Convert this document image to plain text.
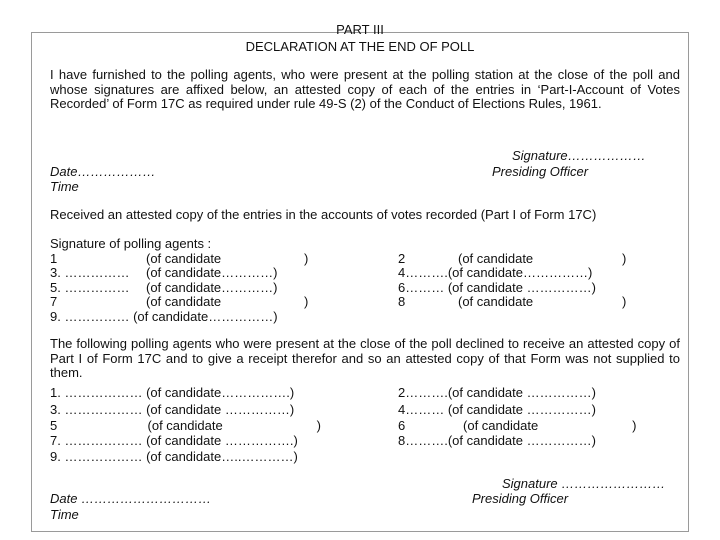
PART III
DECLARATION AT THE END OF POLL
I have furnished to the polling agents, who were present at the polling station at the close of the poll and whose signatures are affixed below, an attested copy of each of the entries in ‘Part-I-Account of Votes Recorded’ of Form 17C as required under rule 49-S (2) of the Conduct of Elections Rules, 1961.
Signature………………
Date………………	Presiding Officer
Time
Received an attested copy of the entries in the accounts of votes recorded (Part I of Form 17C)
Signature of polling agents :
1	(of candidate	)	2	(of candidate	)
3. …………… (of candidate…………)	4……….(of candidate……………)
5. …………… (of candidate…………)	6……… (of candidate ……………)
7	(of candidate	)	8	(of candidate	)
9. …………… (of candidate……………)
The following polling agents who were present at the close of the poll declined to receive an attested copy of Part I of Form 17C and to give a receipt therefor and so an attested copy of that Form was not supplied to them.
1. ……………… (of candidate…………….)	2……….(of candidate ……………)
3. ……………… (of candidate ……………)	4……… (of candidate ……………)
5                         (of candidate                          )	6                (of candidate                          )
7. ……………… (of candidate …………….)	8……….(of candidate ……………)
9. ……………… (of candidate…..…………)
Signature ……………………
Date …………………………	Presiding Officer
Time
